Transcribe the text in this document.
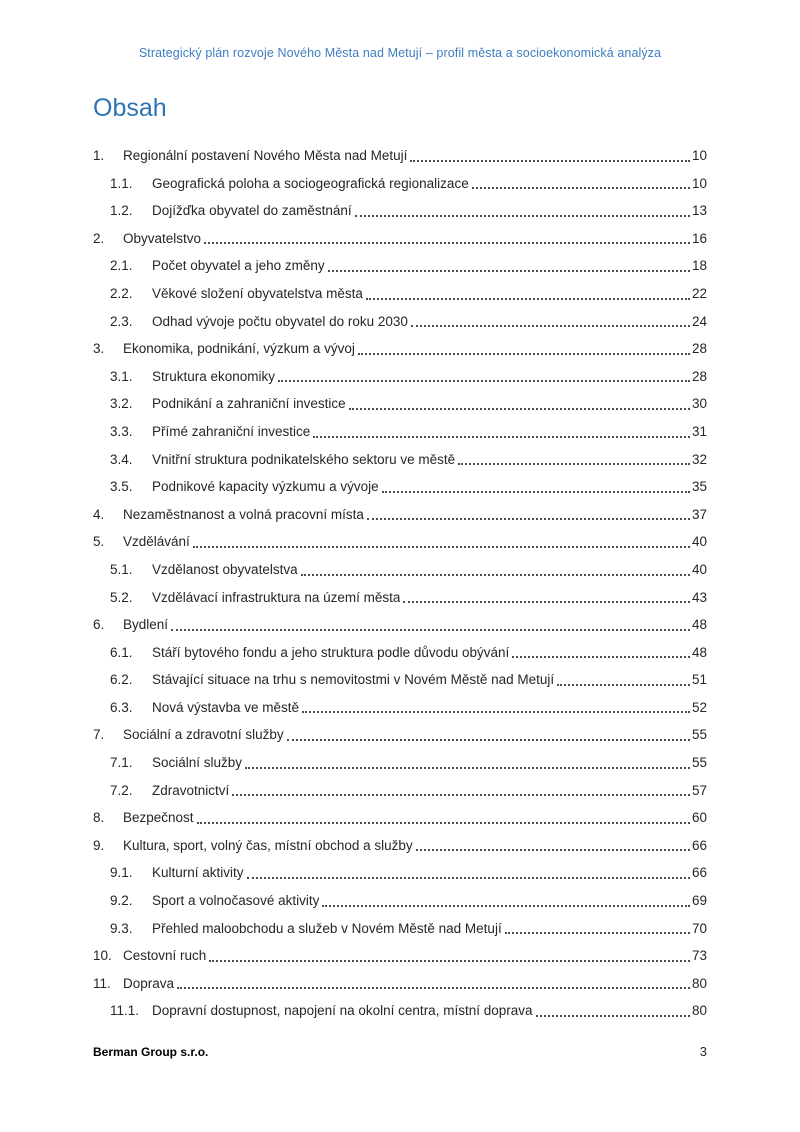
Strategický plán rozvoje Nového Města nad Metují – profil města a socioekonomická analýza
Obsah
1.	Regionální postavení Nového Města nad Metují	10
1.1.	Geografická poloha a sociogeografická regionalizace	10
1.2.	Dojížďka obyvatel do zaměstnání	13
2.	Obyvatelstvo	16
2.1.	Počet obyvatel a jeho změny	18
2.2.	Věkové složení obyvatelstva města	22
2.3.	Odhad vývoje počtu obyvatel do roku 2030	24
3.	Ekonomika, podnikání, výzkum a vývoj	28
3.1.	Struktura ekonomiky	28
3.2.	Podnikání a zahraniční investice	30
3.3.	Přímé zahraniční investice	31
3.4.	Vnitřní struktura podnikatelského sektoru ve městě	32
3.5.	Podnikové kapacity výzkumu a vývoje	35
4.	Nezaměstnanost a volná pracovní místa	37
5.	Vzdělávání	40
5.1.	Vzdělanost obyvatelstva	40
5.2.	Vzdělávací infrastruktura na území města	43
6.	Bydlení	48
6.1.	Stáří bytového fondu a jeho struktura podle důvodu obývání	48
6.2.	Stávající situace na trhu s nemovitostmi v Novém Městě nad Metují	51
6.3.	Nová výstavba ve městě	52
7.	Sociální a zdravotní služby	55
7.1.	Sociální služby	55
7.2.	Zdravotnictví	57
8.	Bezpečnost	60
9.	Kultura, sport, volný čas, místní obchod a služby	66
9.1.	Kulturní aktivity	66
9.2.	Sport a volnočasové aktivity	69
9.3.	Přehled maloobchodu a služeb v Novém Městě nad Metují	70
10. Cestovní ruch	73
11. Doprava	80
11.1. Dopravní dostupnost, napojení na okolní centra, místní doprava	80
Berman Group s.r.o.	3
